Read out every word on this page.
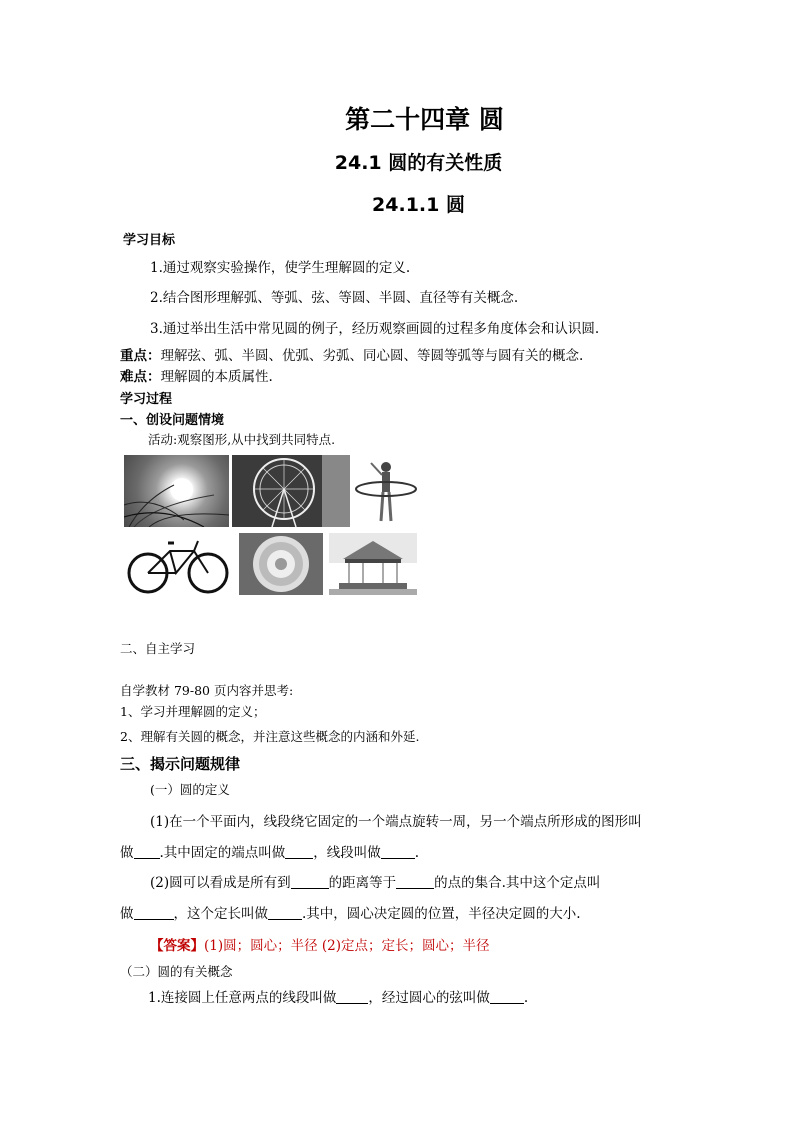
第二十四章 圆
24.1 圆的有关性质
24.1.1 圆
学习目标
1.通过观察实验操作，使学生理解圆的定义.
2.结合图形理解弧、等弧、弦、等圆、半圆、直径等有关概念.
3.通过举出生活中常见圆的例子，经历观察画圆的过程多角度体会和认识圆.
重点：理解弦、弧、半圆、优弧、劣弧、同心圆、等圆等弧等与圆有关的概念.
难点：理解圆的本质属性.
学习过程
一、创设问题情境
活动:观察图形,从中找到共同特点.
二、自主学习
自学教材 79-80 页内容并思考:
1、学习并理解圆的定义；
2、理解有关圆的概念，并注意这些概念的内涵和外延.
三、揭示问题规律
(一）圆的定义
(1)在一个平面内，线段绕它固定的一个端点旋转一周，另一个端点所形成的图形叫
做 .其中固定的端点叫做 ，线段叫做	.
(2)圆可以看成是所有到	的距离等于	的点的集合.其中这个定点叫
做	，这个定长叫做	.其中，圆心决定圆的位置，半径决定圆的大小.
【答案】(1)圆；圆心；半径 (2)定点；定长；圆心；半径
（二）圆的有关概念
1.连接圆上任意两点的线段叫做 ，经过圆心的弦叫做	.
